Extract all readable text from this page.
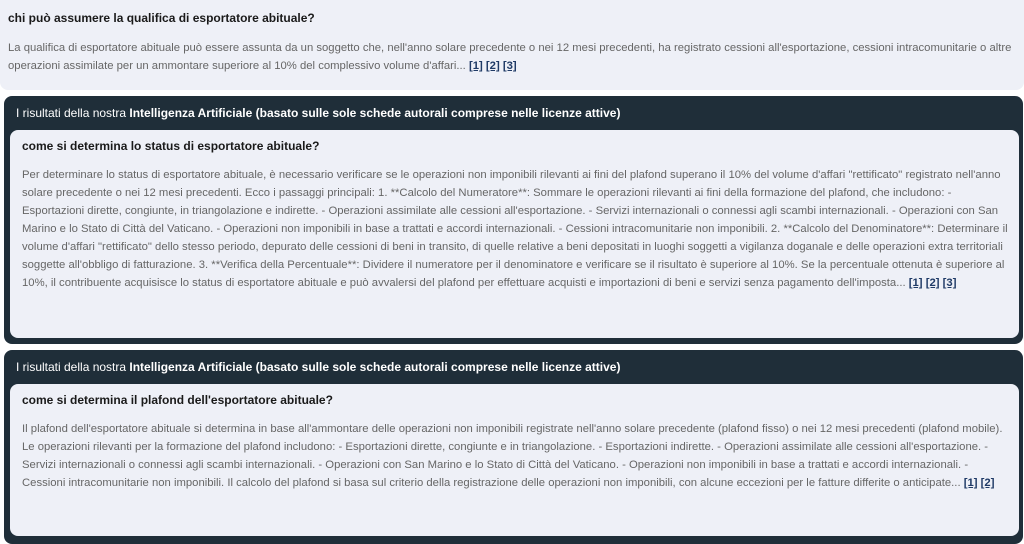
chi può assumere la qualifica di esportatore abituale?

La qualifica di esportatore abituale può essere assunta da un soggetto che, nell'anno solare precedente o nei 12 mesi precedenti, ha registrato cessioni all'esportazione, cessioni intracomunitarie o altre operazioni assimilate per un ammontare superiore al 10% del complessivo volume d'affari... [1] [2] [3]

I risultati della nostra Intelligenza Artificiale (basato sulle sole schede autorali comprese nelle licenze attive)

come si determina lo status di esportatore abituale?

Per determinare lo status di esportatore abituale, è necessario verificare se le operazioni non imponibili rilevanti ai fini del plafond superano il 10% del volume d'affari "rettificato" registrato nell'anno solare precedente o nei 12 mesi precedenti. Ecco i passaggi principali: 1. **Calcolo del Numeratore**: Sommare le operazioni rilevanti ai fini della formazione del plafond, che includono: - Esportazioni dirette, congiunte, in triangolazione e indirette. - Operazioni assimilate alle cessioni all'esportazione. - Servizi internazionali o connessi agli scambi internazionali. - Operazioni con San Marino e lo Stato di Città del Vaticano. - Operazioni non imponibili in base a trattati e accordi internazionali. - Cessioni intracomunitarie non imponibili. 2. **Calcolo del Denominatore**: Determinare il volume d'affari "rettificato" dello stesso periodo, depurato delle cessioni di beni in transito, di quelle relative a beni depositati in luoghi soggetti a vigilanza doganale e delle operazioni extra territoriali soggette all'obbligo di fatturazione. 3. **Verifica della Percentuale**: Dividere il numeratore per il denominatore e verificare se il risultato è superiore al 10%. Se la percentuale ottenuta è superiore al 10%, il contribuente acquisisce lo status di esportatore abituale e può avvalersi del plafond per effettuare acquisti e importazioni di beni e servizi senza pagamento dell'imposta... [1] [2] [3]

I risultati della nostra Intelligenza Artificiale (basato sulle sole schede autorali comprese nelle licenze attive)

come si determina il plafond dell'esportatore abituale?

Il plafond dell'esportatore abituale si determina in base all'ammontare delle operazioni non imponibili registrate nell'anno solare precedente (plafond fisso) o nei 12 mesi precedenti (plafond mobile). Le operazioni rilevanti per la formazione del plafond includono: - Esportazioni dirette, congiunte e in triangolazione. - Esportazioni indirette. - Operazioni assimilate alle cessioni all'esportazione. - Servizi internazionali o connessi agli scambi internazionali. - Operazioni con San Marino e lo Stato di Città del Vaticano. - Operazioni non imponibili in base a trattati e accordi internazionali. - Cessioni intracomunitarie non imponibili. Il calcolo del plafond si basa sul criterio della registrazione delle operazioni non imponibili, con alcune eccezioni per le fatture differite o anticipate... [1] [2]
